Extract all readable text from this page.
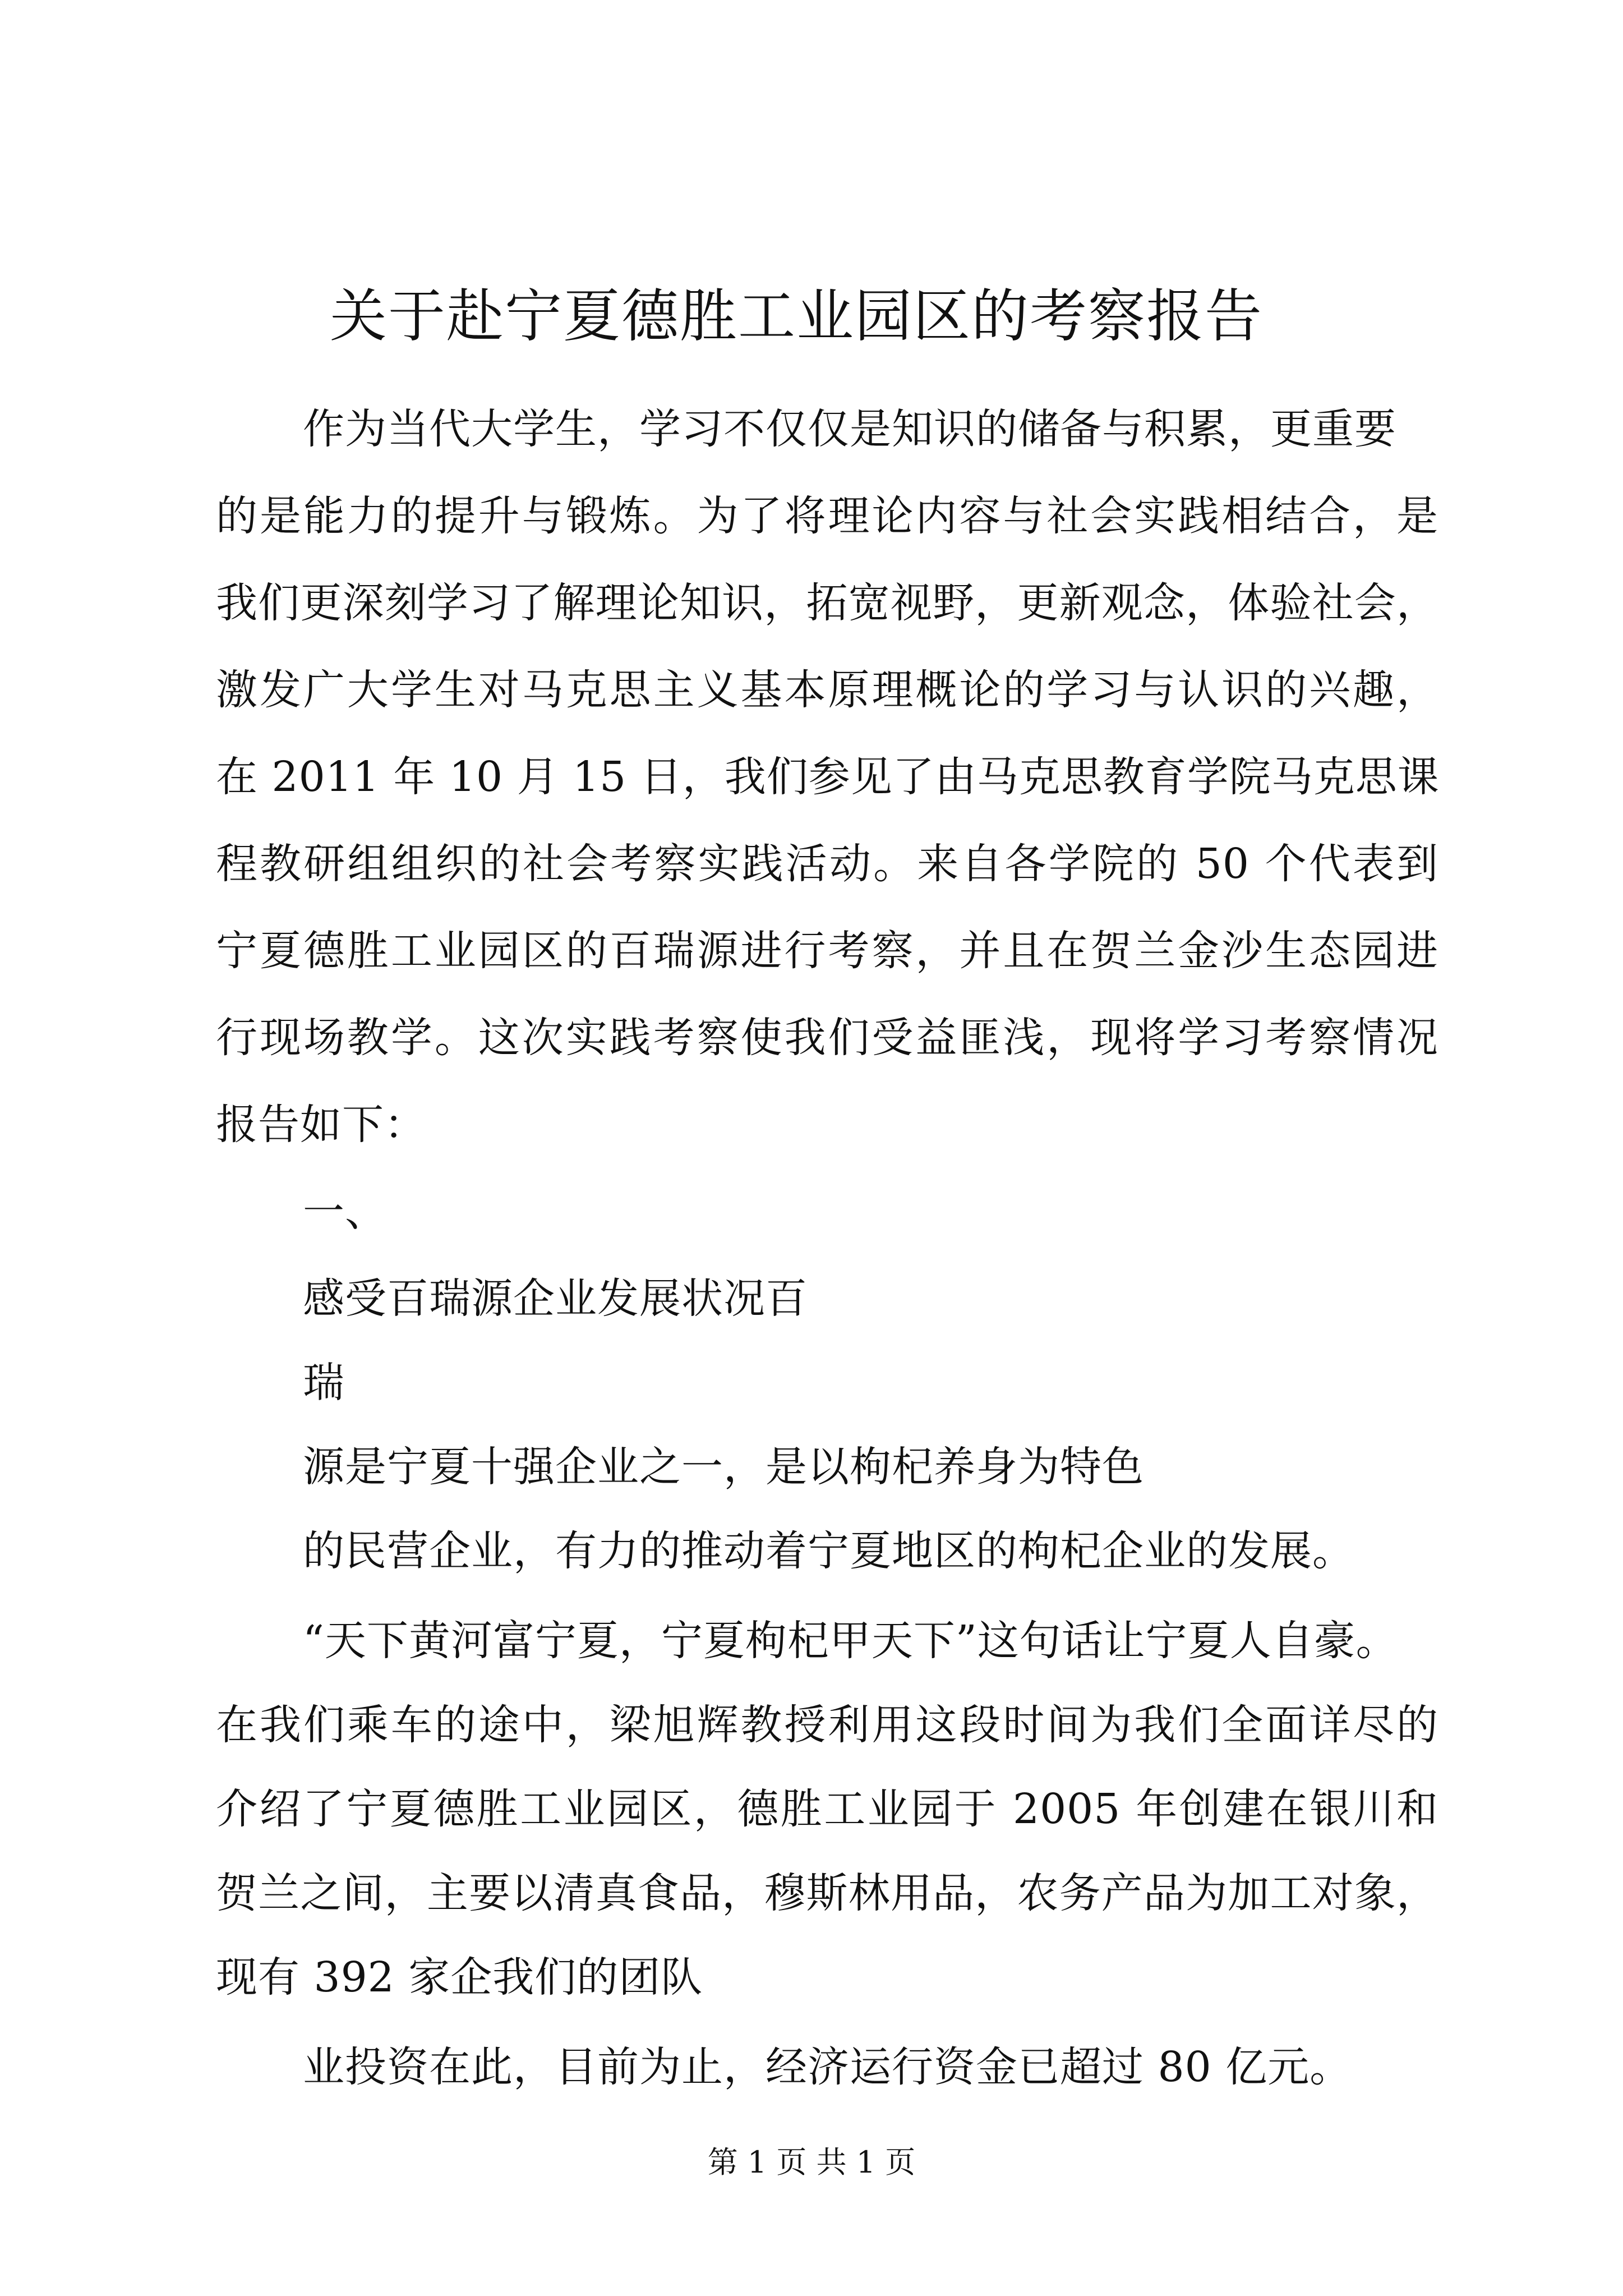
关于赴宁夏德胜工业园区的考察报告

作为当代大学生，学习不仅仅是知识的储备与积累，更重要

的是能力的提升与锻炼。为了将理论内容与社会实践相结合，是

我们更深刻学习了解理论知识，拓宽视野，更新观念，体验社会，

激发广大学生对马克思主义基本原理概论的学习与认识的兴趣，

在 2011 年 10 月 15 日，我们参见了由马克思教育学院马克思课

程教研组组织的社会考察实践活动。来自各学院的 50 个代表到

宁夏德胜工业园区的百瑞源进行考察，并且在贺兰金沙生态园进

行现场教学。这次实践考察使我们受益匪浅，现将学习考察情况

报告如下：

一、

感受百瑞源企业发展状况百

瑞

源是宁夏十强企业之一，是以枸杞养身为特色

的民营企业，有力的推动着宁夏地区的枸杞企业的发展。

“天下黄河富宁夏，宁夏枸杞甲天下”这句话让宁夏人自豪。

在我们乘车的途中，梁旭辉教授利用这段时间为我们全面详尽的

介绍了宁夏德胜工业园区，德胜工业园于 2005 年创建在银川和

贺兰之间，主要以清真食品，穆斯林用品，农务产品为加工对象，

现有 392 家企我们的团队

业投资在此，目前为止，经济运行资金已超过 80 亿元。

第 1 页 共 1 页
